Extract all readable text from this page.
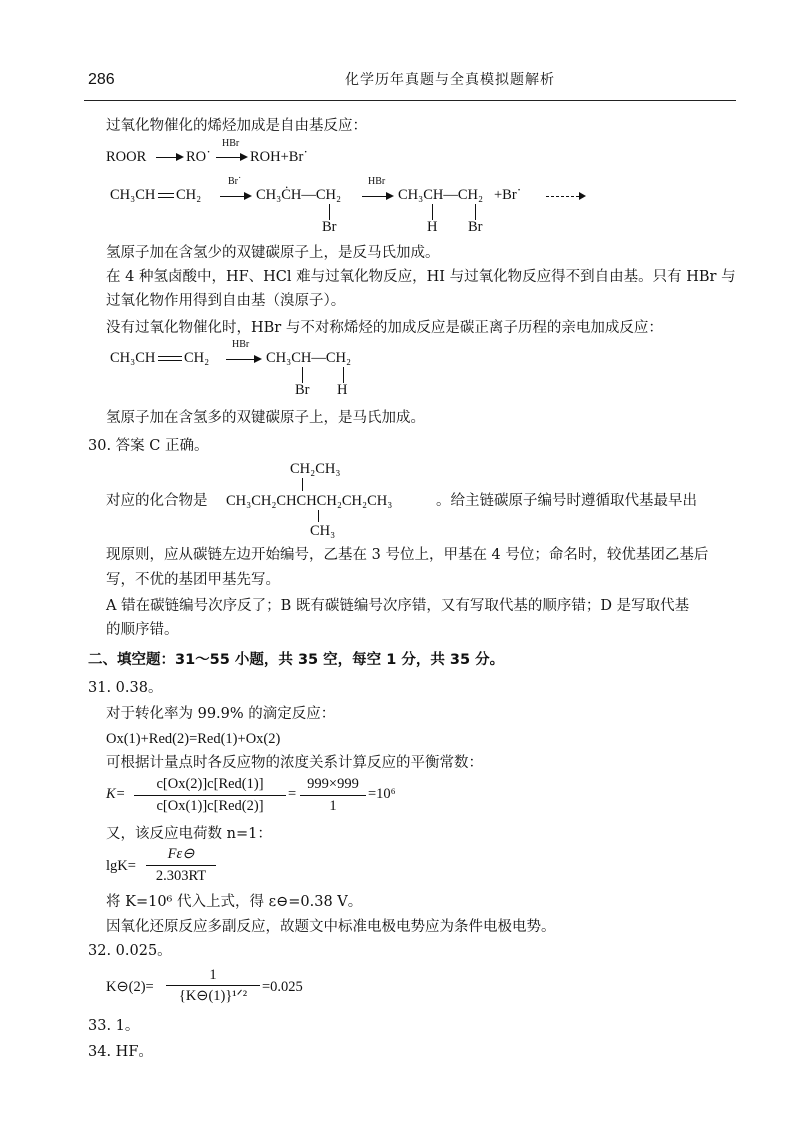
286	化学历年真题与全真模拟题解析
过氧化物催化的烯烃加成是自由基反应：
ROOR	RO˙
HBr
ROH+Br˙
CH₃CH CH₂
Br˙
CH₃ĊH—CH₂
Br
HBr
CH₃CH—CH₂ +Br˙
H Br
氢原子加在含氢少的双键碳原子上，是反马氏加成。
在 4 种氢卤酸中，HF、HCl 难与过氧化物反应，HI 与过氧化物反应得不到自由基。只有 HBr 与
过氧化物作用得到自由基（溴原子）。
没有过氧化物催化时，HBr 与不对称烯烃的加成反应是碳正离子历程的亲电加成反应：
CH₃CH CH₂
HBr
CH₃CH—CH₂
Br H
氢原子加在含氢多的双键碳原子上，是马氏加成。
30. 答案 C 正确。
CH₂CH₃
对应的化合物是 CH₃CH₂CHCHCH₂CH₂CH₃	。给主链碳原子编号时遵循取代基最早出
CH₃
现原则，应从碳链左边开始编号，乙基在 3 号位上，甲基在 4 号位；命名时，较优基团乙基后
写，不优的基团甲基先写。
A 错在碳链编号次序反了；B 既有碳链编号次序错，又有写取代基的顺序错；D 是写取代基
的顺序错。
二、填空题：31～55 小题，共 35 空，每空 1 分，共 35 分。
31. 0.38。
对于转化率为 99.9% 的滴定反应：
Ox(1)+Red(2)=Red(1)+Ox(2)
可根据计量点时各反应物的浓度关系计算反应的平衡常数：
K=
c[Ox(2)]c[Red(1)]
c[Ox(1)]c[Red(2)]
=
999×999
1
=10⁶
又，该反应电荷数 n=1：
lgK=
Fε⊖
2.303RT
将 K=10⁶ 代入上式，得 ε⊖=0.38 V。
因氧化还原反应多副反应，故题文中标准电极电势应为条件电极电势。
32. 0.025。
K⊖(2)=
1
{K⊖(1)}¹ᐟ²
=0.025
33. 1。
34. HF。
